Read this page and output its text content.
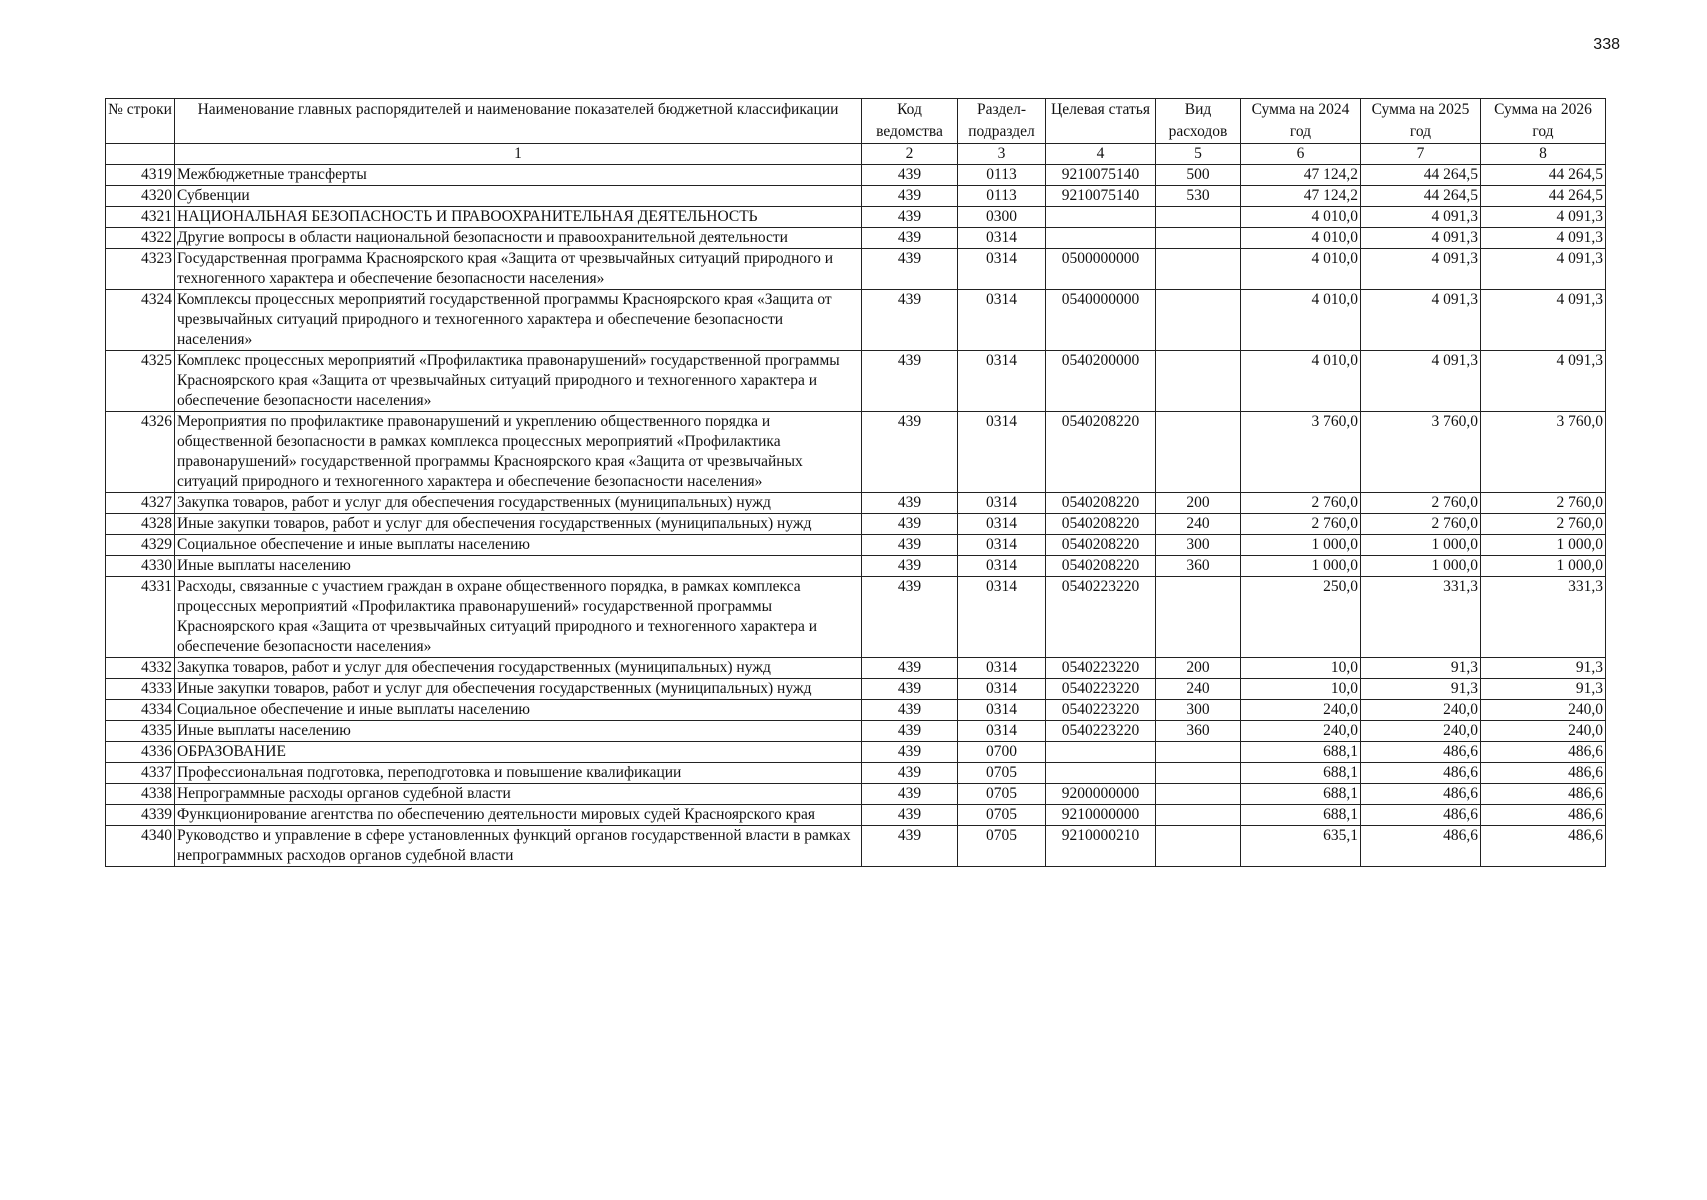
338
№ строки	Наименование главных распорядителей и наименование показателей бюджетной классификации	Код ведомства	Раздел-подраздел	Целевая статья	Вид расходов	Сумма на 2024 год	Сумма на 2025 год	Сумма на 2026 год
	1	2	3	4	5	6	7	8
4319	Межбюджетные трансферты	439	0113	9210075140	500	47 124,2	44 264,5	44 264,5
4320	Субвенции	439	0113	9210075140	530	47 124,2	44 264,5	44 264,5
4321	НАЦИОНАЛЬНАЯ БЕЗОПАСНОСТЬ И ПРАВООХРАНИТЕЛЬНАЯ ДЕЯТЕЛЬНОСТЬ	439	0300			4 010,0	4 091,3	4 091,3
4322	Другие вопросы в области национальной безопасности и правоохранительной деятельности	439	0314			4 010,0	4 091,3	4 091,3
4323	Государственная программа Красноярского края «Защита от чрезвычайных ситуаций природного и техногенного характера и обеспечение безопасности населения»	439	0314	0500000000		4 010,0	4 091,3	4 091,3
4324	Комплексы процессных мероприятий государственной программы Красноярского края «Защита от чрезвычайных ситуаций природного и техногенного характера и обеспечение безопасности населения»	439	0314	0540000000		4 010,0	4 091,3	4 091,3
4325	Комплекс процессных мероприятий «Профилактика правонарушений» государственной программы Красноярского края «Защита от чрезвычайных ситуаций природного и техногенного характера и обеспечение безопасности населения»	439	0314	0540200000		4 010,0	4 091,3	4 091,3
4326	Мероприятия по профилактике правонарушений и укреплению общественного порядка и общественной безопасности в рамках комплекса процессных мероприятий «Профилактика правонарушений» государственной программы Красноярского края «Защита от чрезвычайных ситуаций природного и техногенного характера и обеспечение безопасности населения»	439	0314	0540208220		3 760,0	3 760,0	3 760,0
4327	Закупка товаров, работ и услуг для обеспечения государственных (муниципальных) нужд	439	0314	0540208220	200	2 760,0	2 760,0	2 760,0
4328	Иные закупки товаров, работ и услуг для обеспечения государственных (муниципальных) нужд	439	0314	0540208220	240	2 760,0	2 760,0	2 760,0
4329	Социальное обеспечение и иные выплаты населению	439	0314	0540208220	300	1 000,0	1 000,0	1 000,0
4330	Иные выплаты населению	439	0314	0540208220	360	1 000,0	1 000,0	1 000,0
4331	Расходы, связанные с участием граждан в охране общественного порядка, в рамках комплекса процессных мероприятий «Профилактика правонарушений» государственной программы Красноярского края «Защита от чрезвычайных ситуаций природного и техногенного характера и обеспечение безопасности населения»	439	0314	0540223220		250,0	331,3	331,3
4332	Закупка товаров, работ и услуг для обеспечения государственных (муниципальных) нужд	439	0314	0540223220	200	10,0	91,3	91,3
4333	Иные закупки товаров, работ и услуг для обеспечения государственных (муниципальных) нужд	439	0314	0540223220	240	10,0	91,3	91,3
4334	Социальное обеспечение и иные выплаты населению	439	0314	0540223220	300	240,0	240,0	240,0
4335	Иные выплаты населению	439	0314	0540223220	360	240,0	240,0	240,0
4336	ОБРАЗОВАНИЕ	439	0700			688,1	486,6	486,6
4337	Профессиональная подготовка, переподготовка и повышение квалификации	439	0705			688,1	486,6	486,6
4338	Непрограммные расходы органов судебной власти	439	0705	9200000000		688,1	486,6	486,6
4339	Функционирование агентства по обеспечению деятельности мировых судей Красноярского края	439	0705	9210000000		688,1	486,6	486,6
4340	Руководство и управление в сфере установленных функций органов государственной власти в рамках непрограммных расходов органов судебной власти	439	0705	9210000210		635,1	486,6	486,6
